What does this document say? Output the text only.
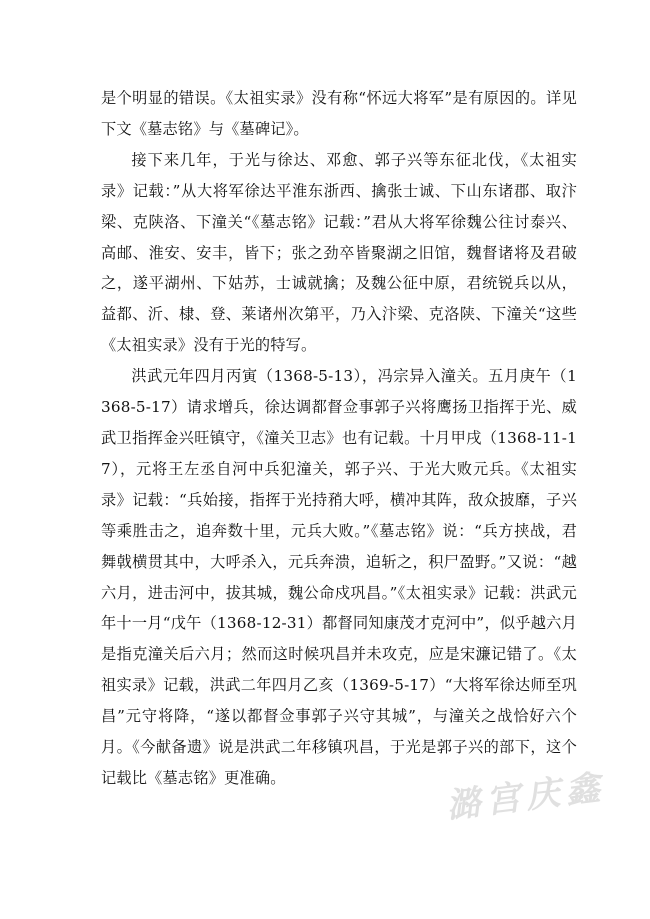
是个明显的错误。《太祖实录》没有称“怀远大将军”是有原因的。详见下文《墓志铭》与《墓碑记》。

接下来几年，于光与徐达、邓愈、郭子兴等东征北伐，《太祖实录》记载：”从大将军徐达平淮东浙西、擒张士诚、下山东诸郡、取汴梁、克陕洛、下潼关“《墓志铭》记载：”君从大将军徐魏公往讨泰兴、高邮、淮安、安丰，皆下；张之劲卒皆聚湖之旧馆，魏督诸将及君破之，遂平湖州、下姑苏，士诚就擒；及魏公征中原，君统锐兵以从，益都、沂、棣、登、莱诸州次第平，乃入汴梁、克洛陕、下潼关“这些《太祖实录》没有于光的特写。

洪武元年四月丙寅（1368-5-13），冯宗异入潼关。五月庚午（1368-5-17）请求增兵，徐达调都督佥事郭子兴将鹰扬卫指挥于光、威武卫指挥金兴旺镇守，《潼关卫志》也有记载。十月甲戌（1368-11-17），元将王左丞自河中兵犯潼关，郭子兴、于光大败元兵。《太祖实录》记载：“兵始接，指挥于光持矟大呼，横冲其阵，敌众披靡，子兴等乘胜击之，追奔数十里，元兵大败。”《墓志铭》说：“兵方挟战，君舞戟横贯其中，大呼杀入，元兵奔溃，追斩之，积尸盈野。”又说：“越六月，进击河中，拔其城，魏公命戍巩昌。”《太祖实录》记载：洪武元年十一月“戊午（1368-12-31）都督同知康茂才克河中”，似乎越六月是指克潼关后六月；然而这时候巩昌并未攻克，应是宋濂记错了。《太祖实录》记载，洪武二年四月乙亥（1369-5-17）“大将军徐达师至巩昌”元守将降，“遂以都督佥事郭子兴守其城”，与潼关之战恰好六个月。《今献备遗》说是洪武二年移镇巩昌，于光是郭子兴的部下，这个记载比《墓志铭》更准确。	潞宫庆鑫
